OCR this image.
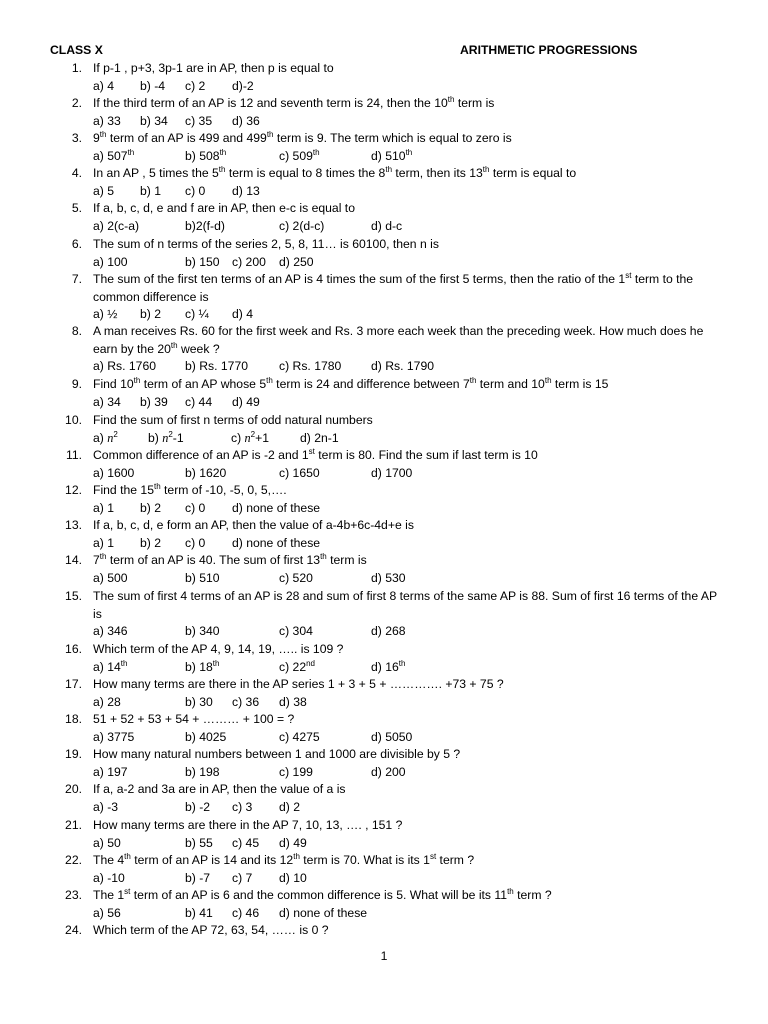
CLASS X	ARITHMETIC PROGRESSIONS
1. If p-1 , p+3, 3p-1 are in AP, then p is equal to
a) 4 b) -4 c) 2 d)-2
2. If the third term of an AP is 12 and seventh term is 24, then the 10th term is
a) 33 b) 34 c) 35 d) 36
3. 9th term of an AP is 499 and 499th term is 9. The term which is equal to zero is
a) 507th	b) 508th	c) 509th	d) 510th
4. In an AP , 5 times the 5th term is equal to 8 times the 8th term, then its 13th term is equal to
a) 5 b) 1 c) 0 d) 13
5. If a, b, c, d, e and f are in AP, then e-c is equal to
a) 2(c-a)	b)2(f-d)	c) 2(d-c)	d) d-c
6. The sum of n terms of the series 2, 5, 8, 11… is 60100, then n is
a) 100	b) 150 c) 200 d) 250
7. The sum of the first ten terms of an AP is 4 times the sum of the first 5 terms, then the ratio of the 1st term to the common difference is
a) ½ b) 2 c) ¼ d) 4
8. A man receives Rs. 60 for the first week and Rs. 3 more each week than the preceding week. How much does he earn by the 20th week ?
a) Rs. 1760 b) Rs. 1770	c) Rs. 1780 d) Rs. 1790
9. Find 10th term of an AP whose 5th term is 24 and difference between 7th term and 10th term is 15
a) 34 b) 39 c) 44 d) 49
10. Find the sum of first n terms of odd natural numbers
a) $n^2$ b) $n^2-1$	c) $n^2+1$	d) 2n-1
11. Common difference of an AP is -2 and 1st term is 80. Find the sum if last term is 10
a) 1600	b) 1620	c) 1650	d) 1700
12. Find the 15th term of -10, -5, 0, 5,….
a) 1 b) 2 c) 0 d) none of these
13. If a, b, c, d, e form an AP, then the value of a-4b+6c-4d+e is
a) 1 b) 2 c) 0 d) none of these
14. 7th term of an AP is 40. The sum of first 13th term is
a) 500	b) 510	c) 520	d) 530
15. The sum of first 4 terms of an AP is 28 and sum of first 8 terms of the same AP is 88. Sum of first 16 terms of the AP is
a) 346	b) 340	c) 304	d) 268
16. Which term of the AP 4, 9, 14, 19, ….. is 109 ?
a) 14th	b) 18th	c) 22nd	d) 16th
17. How many terms are there in the AP series 1 + 3 + 5 + …………. +73 + 75 ?
a) 28	b) 30 c) 36 d) 38
18. 51 + 52 + 53 + 54 + ……… + 100 = ?
a) 3775	b) 4025	c) 4275	d) 5050
19. How many natural numbers between 1 and 1000 are divisible by 5 ?
a) 197	b) 198	c) 199	d) 200
20. If a, a-2 and 3a are in AP, then the value of a is
a) -3	b) -2 c) 3 d) 2
21. How many terms are there in the AP 7, 10, 13, …. , 151 ?
a) 50	b) 55 c) 45 d) 49
22. The 4th term of an AP is 14 and its 12th term is 70. What is its 1st term ?
a) -10	b) -7 c) 7 d) 10
23. The 1st term of an AP is 6 and the common difference is 5. What will be its 11th term ?
a) 56	b) 41 c) 46 d) none of these
24. Which term of the AP 72, 63, 54, …… is 0 ?
1
